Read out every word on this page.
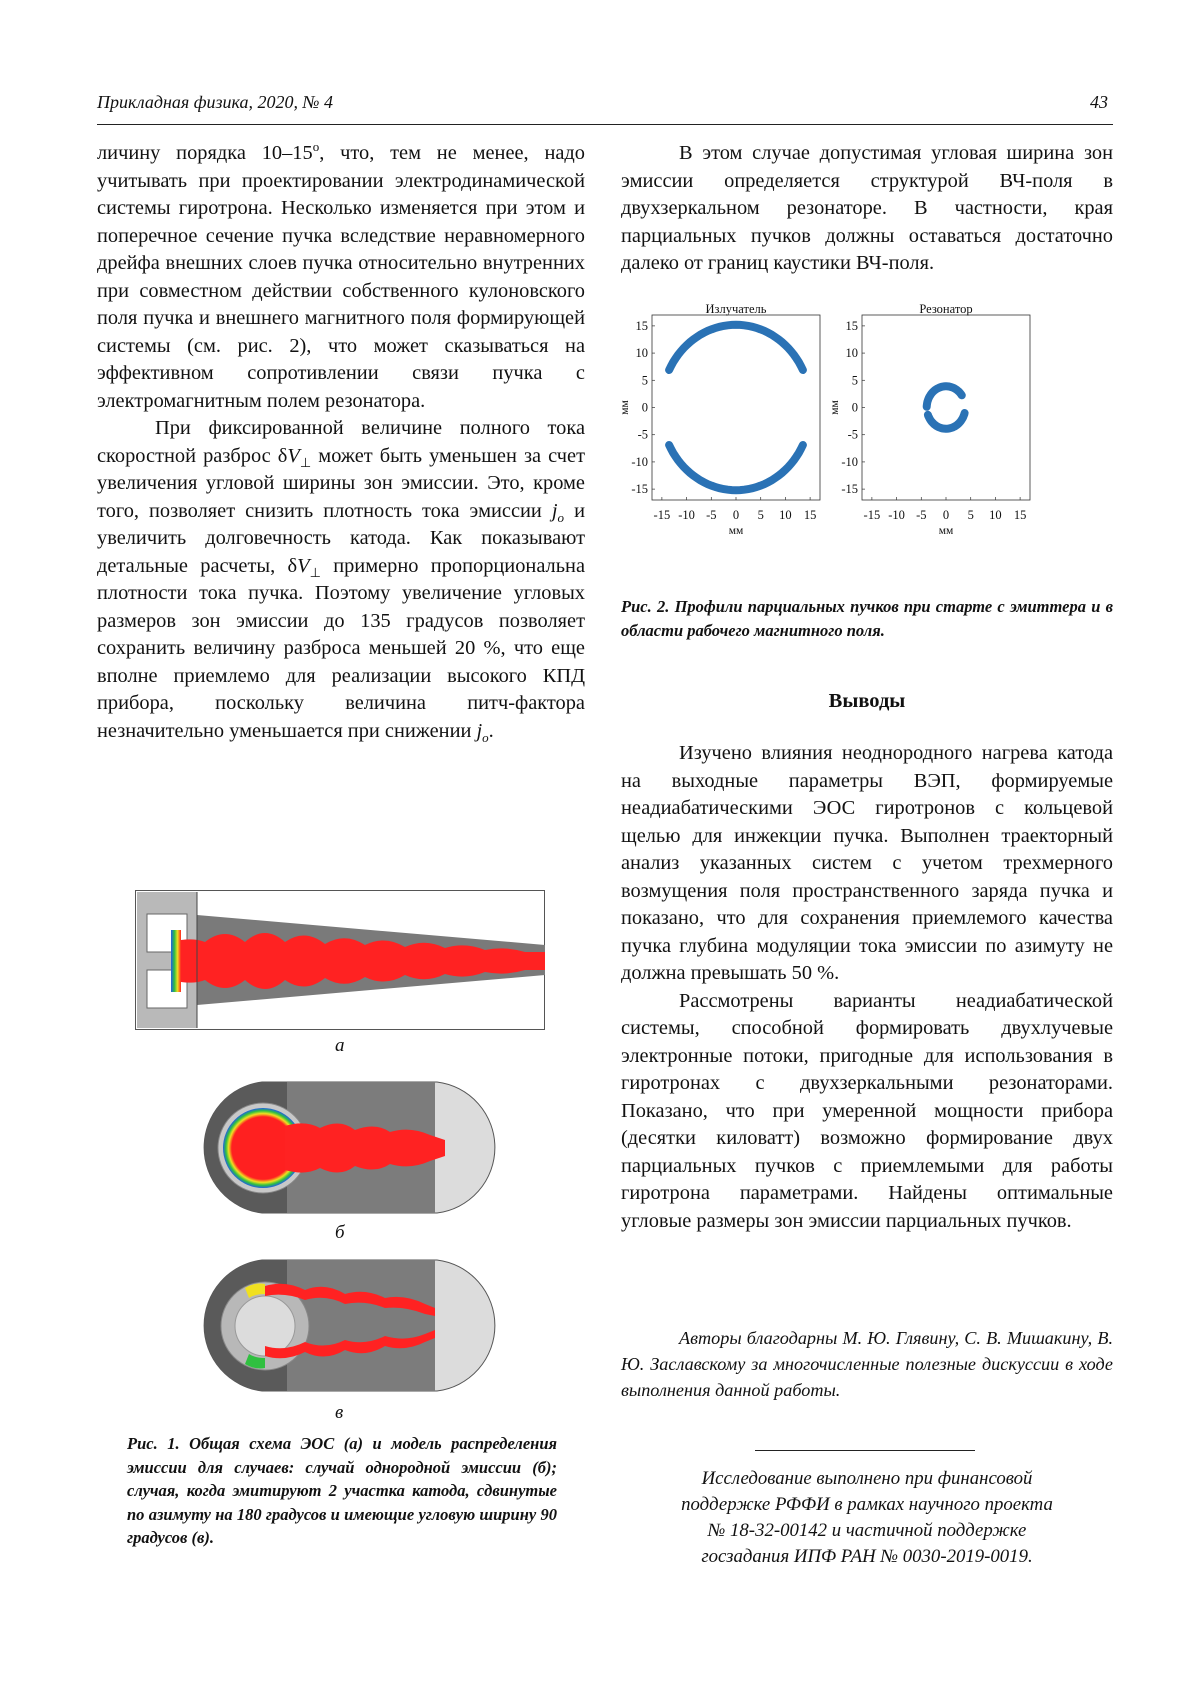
Прикладная физика, 2020, № 4	43

личину порядка $10-15^о$, что, тем не менее, надо учитывать при проектировании электродинамической системы гиротрона. Несколько изменяется при этом и поперечное сечение пучка вследствие неравномерного дрейфа внешних слоев пучка относительно внутренних при совместном действии собственного кулоновского поля пучка и внешнего магнитного поля формирующей системы (см. рис. 2), что может сказываться на эффективном сопротивлении связи пучка с электромагнитным полем резонатора.

При фиксированной величине полного тока скоростной разброс $\delta V_\perp$ может быть уменьшен за счет увеличения угловой ширины зон эмиссии. Это, кроме того, позволяет снизить плотность тока эмиссии $j_o$ и увеличить долговечность катода. Как показывают детальные расчеты, $\delta V_\perp$ примерно пропорциональна плотности тока пучка. Поэтому увеличение угловых размеров зон эмиссии до 135 градусов позволяет сохранить величину разброса меньшей 20 %, что еще вполне приемлемо для реализации высокого КПД прибора, поскольку величина питч-фактора незначительно уменьшается при снижении $j_o$.

а
б
в
Рис. 1. Общая схема ЭОС (а) и модель распределения эмиссии для случаев: случай однородной эмиссии (б); случая, когда эмитируют 2 участка катода, сдвинутые по азимуту на 180 градусов и имеющие угловую ширину 90 градусов (в).

В этом случае допустимая угловая ширина зон эмиссии определяется структурой ВЧ-поля в двухзеркальном резонаторе. В частности, края парциальных пучков должны оставаться достаточно далеко от границ каустики ВЧ-поля.

Излучатель
-15 -10 -5 0 5 10 15
15
10
5
0
-5
-10
-15
мм
мм
Резонатор
-15 -10 -5 0 5 10 15
15
10
5
0
-5
-10
-15
мм
мм
Рис. 2. Профили парциальных пучков при старте с эмиттера и в области рабочего магнитного поля.
Выводы

Изучено влияния неоднородного нагрева катода на выходные параметры ВЭП, формируемые неадиабатическими ЭОС гиротронов с кольцевой щелью для инжекции пучка. Выполнен траекторный анализ указанных систем с учетом трехмерного возмущения поля пространственного заряда пучка и показано, что для сохранения приемлемого качества пучка глубина модуляции тока эмиссии по азимуту не должна превышать 50 %.

Рассмотрены варианты неадиабатической системы, способной формировать двухлучевые электронные потоки, пригодные для использования в гиротронах с двухзеркальными резонаторами. Показано, что при умеренной мощности прибора (десятки киловатт) возможно формирование двух парциальных пучков с приемлемыми для работы гиротрона параметрами. Найдены оптимальные угловые размеры зон эмиссии парциальных пучков.

Авторы благодарны М. Ю. Глявину, С. В. Мишакину, В. Ю. Заславскому за многочисленные полезные дискуссии в ходе выполнения данной работы.
Исследование выполнено при финансовой
поддержке РФФИ в рамках научного проекта
№ 18-32-00142 и частичной поддержке
госзадания ИПФ РАН № 0030-2019-0019.
